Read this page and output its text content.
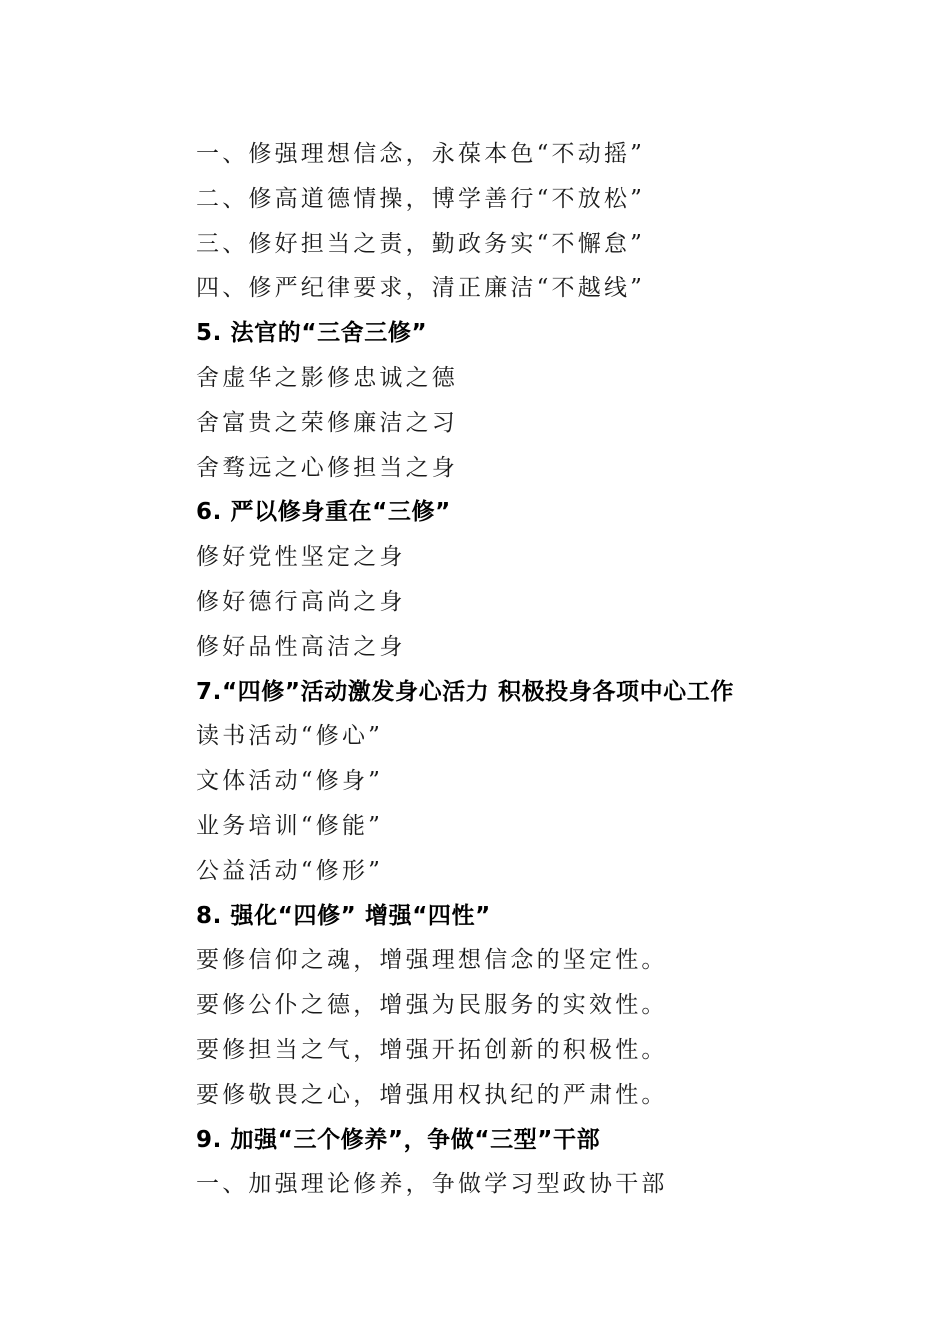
一、修强理想信念，永葆本色“不动摇”
二、修高道德情操，博学善行“不放松”
三、修好担当之责，勤政务实“不懈怠”
四、修严纪律要求，清正廉洁“不越线”
5. 法官的“三舍三修”
舍虚华之影修忠诚之德
舍富贵之荣修廉洁之习
舍骛远之心修担当之身
6. 严以修身重在“三修”
修好党性坚定之身
修好德行高尚之身
修好品性高洁之身
7.“四修”活动激发身心活力 积极投身各项中心工作
读书活动“修心”
文体活动“修身”
业务培训“修能”
公益活动“修形”
8. 强化“四修” 增强“四性”
要修信仰之魂，增强理想信念的坚定性。
要修公仆之德，增强为民服务的实效性。
要修担当之气，增强开拓创新的积极性。
要修敬畏之心，增强用权执纪的严肃性。
9. 加强“三个修养”，争做“三型”干部
一、加强理论修养，争做学习型政协干部
